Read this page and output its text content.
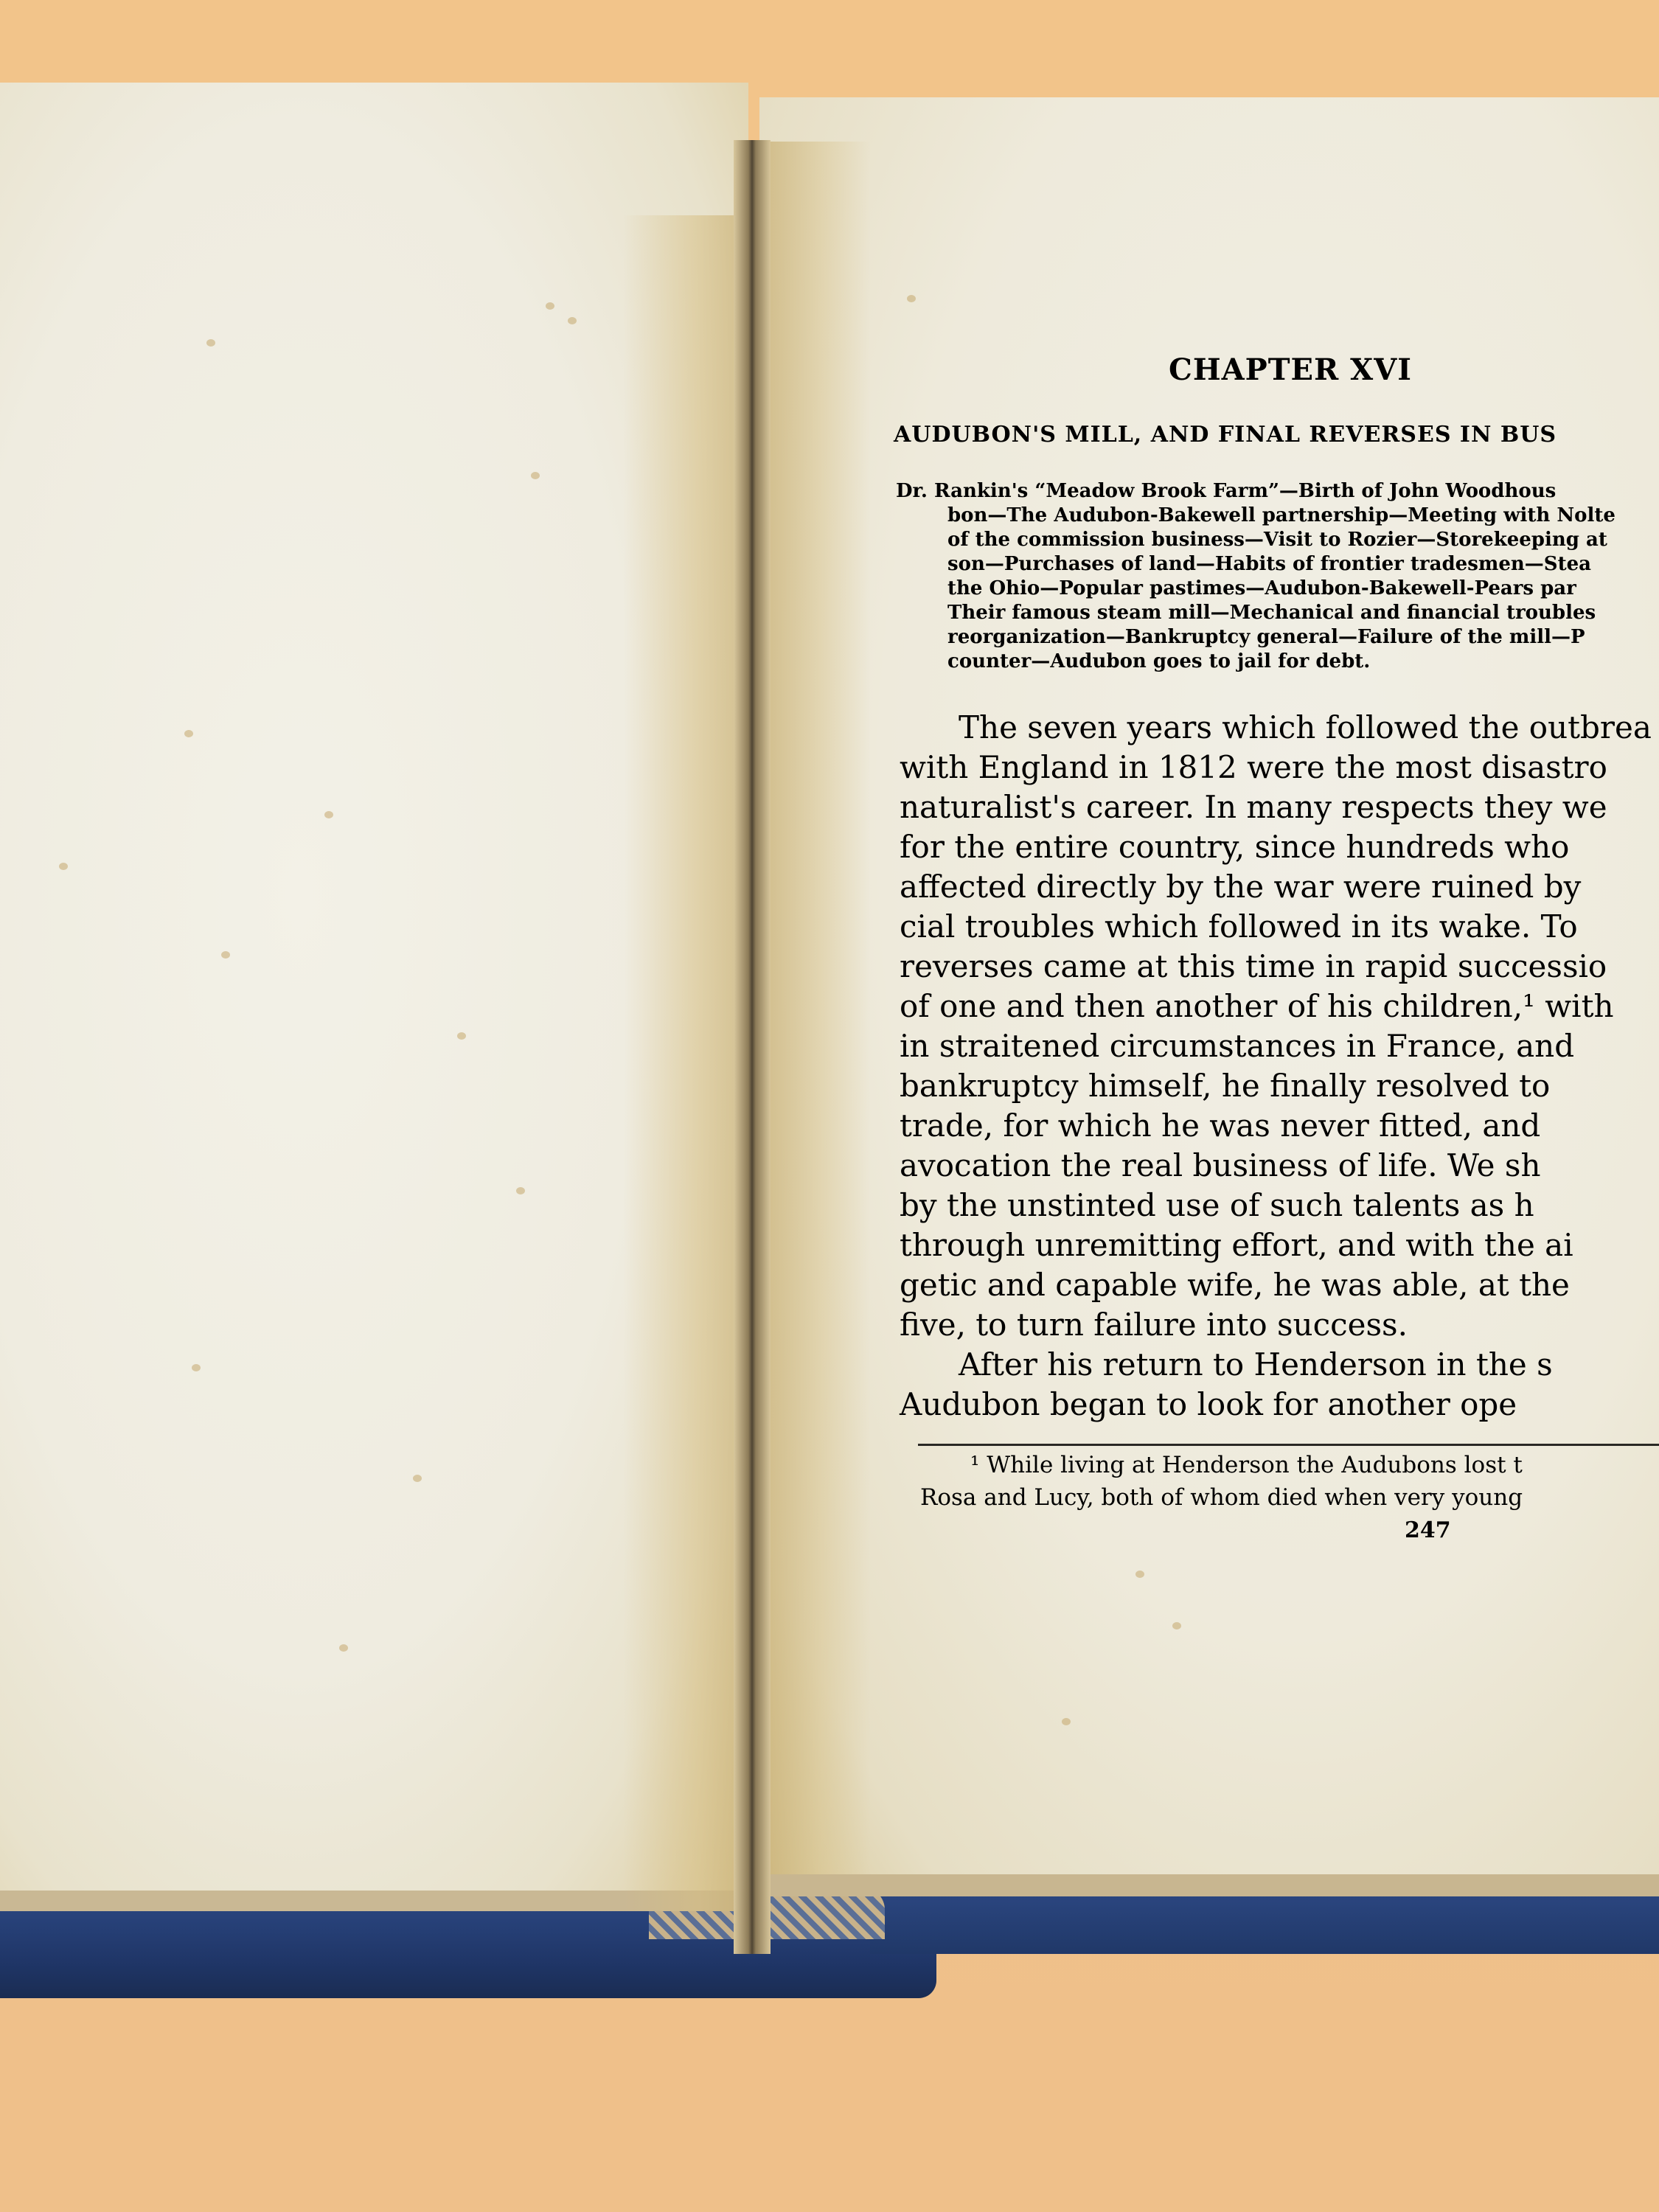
CHAPTER XVI
AUDUBON'S MILL, AND FINAL REVERSES IN BUS
Dr. Rankin's “Meadow Brook Farm”—Birth of John Woodhous
bon—The Audubon-Bakewell partnership—Meeting with Nolte
of the commission business—Visit to Rozier—Storekeeping at
son—Purchases of land—Habits of frontier tradesmen—Stea
the Ohio—Popular pastimes—Audubon-Bakewell-Pears par
Their famous steam mill—Mechanical and financial troubles
reorganization—Bankruptcy general—Failure of the mill—P
counter—Audubon goes to jail for debt.
The seven years which followed the outbrea
with England in 1812 were the most disastro
naturalist's career. In many respects they we
for the entire country, since hundreds who
affected directly by the war were ruined by
cial troubles which followed in its wake. To
reverses came at this time in rapid successio
of one and then another of his children,¹ with
in straitened circumstances in France, and
bankruptcy himself, he finally resolved to
trade, for which he was never fitted, and
avocation the real business of life. We sh
by the unstinted use of such talents as h
through unremitting effort, and with the ai
getic and capable wife, he was able, at the
five, to turn failure into success.
After his return to Henderson in the s
Audubon began to look for another ope
¹ While living at Henderson the Audubons lost t
Rosa and Lucy, both of whom died when very young
247
